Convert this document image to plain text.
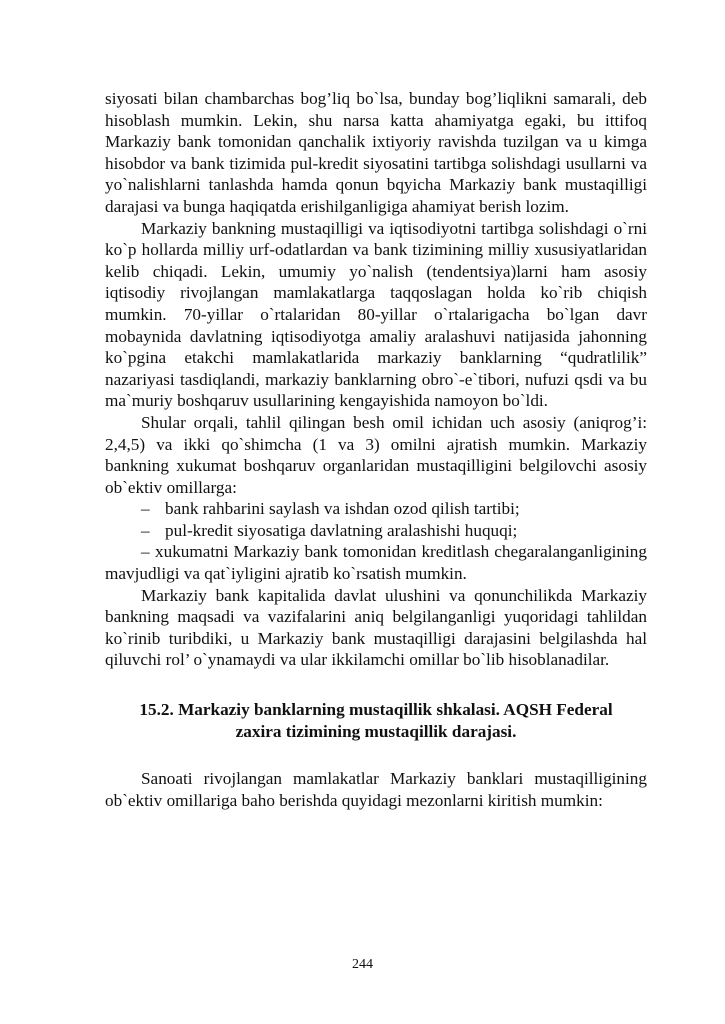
siyosati bilan chambarchas bog’liq bo`lsa, bunday bog’liqlikni samarali, deb hisoblash mumkin. Lekin, shu narsa katta ahamiyatga egaki, bu ittifoq Markaziy bank tomonidan qanchalik ixtiyoriy ravishda tuzilgan va u kimga hisobdor va bank tizimida pul-kredit siyosatini tartibga solishdagi usullarni va yo`nalishlarni tanlashda hamda qonun bqyicha Markaziy bank mustaqilligi darajasi va bunga haqiqatda erishilganligiga ahamiyat berish lozim.

Markaziy bankning mustaqilligi va iqtisodiyotni tartibga solishdagi o`rni ko`p hollarda milliy urf-odatlardan va bank tizimining milliy xususiyatlaridan kelib chiqadi. Lekin, umumiy yo`nalish (tendentsiya)larni ham asosiy iqtisodiy rivojlangan mamlakatlarga taqqoslagan holda ko`rib chiqish mumkin. 70-yillar o`rtalaridan 80-yillar o`rtalarigacha bo`lgan davr mobaynida davlatning iqtisodiyotga amaliy aralashuvi natijasida jahonning ko`pgina etakchi mamlakatlarida markaziy banklarning “qudratlilik” nazariyasi tasdiqlandi, markaziy banklarning obro`-e`tibori, nufuzi qsdi va bu ma`muriy boshqaruv usullarining kengayishida namoyon bo`ldi.

Shular orqali, tahlil qilingan besh omil ichidan uch asosiy (aniqrog’i: 2,4,5) va ikki qo`shimcha (1 va 3) omilni ajratish mumkin. Markaziy bankning xukumat boshqaruv organlaridan mustaqilligini belgilovchi asosiy ob`ektiv omillarga:

– bank rahbarini saylash va ishdan ozod qilish tartibi;

– pul-kredit siyosatiga davlatning aralashishi huquqi;

– xukumatni Markaziy bank tomonidan kreditlash chegaralanganligining mavjudligi va qat`iyligini ajratib ko`rsatish mumkin.

Markaziy bank kapitalida davlat ulushini va qonunchilikda Markaziy bankning maqsadi va vazifalarini aniq belgilanganligi yuqoridagi tahlildan ko`rinib turibdiki, u Markaziy bank mustaqilligi darajasini belgilashda hal qiluvchi rol’ o`ynamaydi va ular ikkilamchi omillar bo`lib hisoblanadilar.

15.2. Markaziy banklarning mustaqillik shkalasi. AQSH Federal zaxira tizimining mustaqillik darajasi.

Sanoati rivojlangan mamlakatlar Markaziy banklari mustaqilligining ob`ektiv omillariga baho berishda quyidagi mezonlarni kiritish mumkin:

244
